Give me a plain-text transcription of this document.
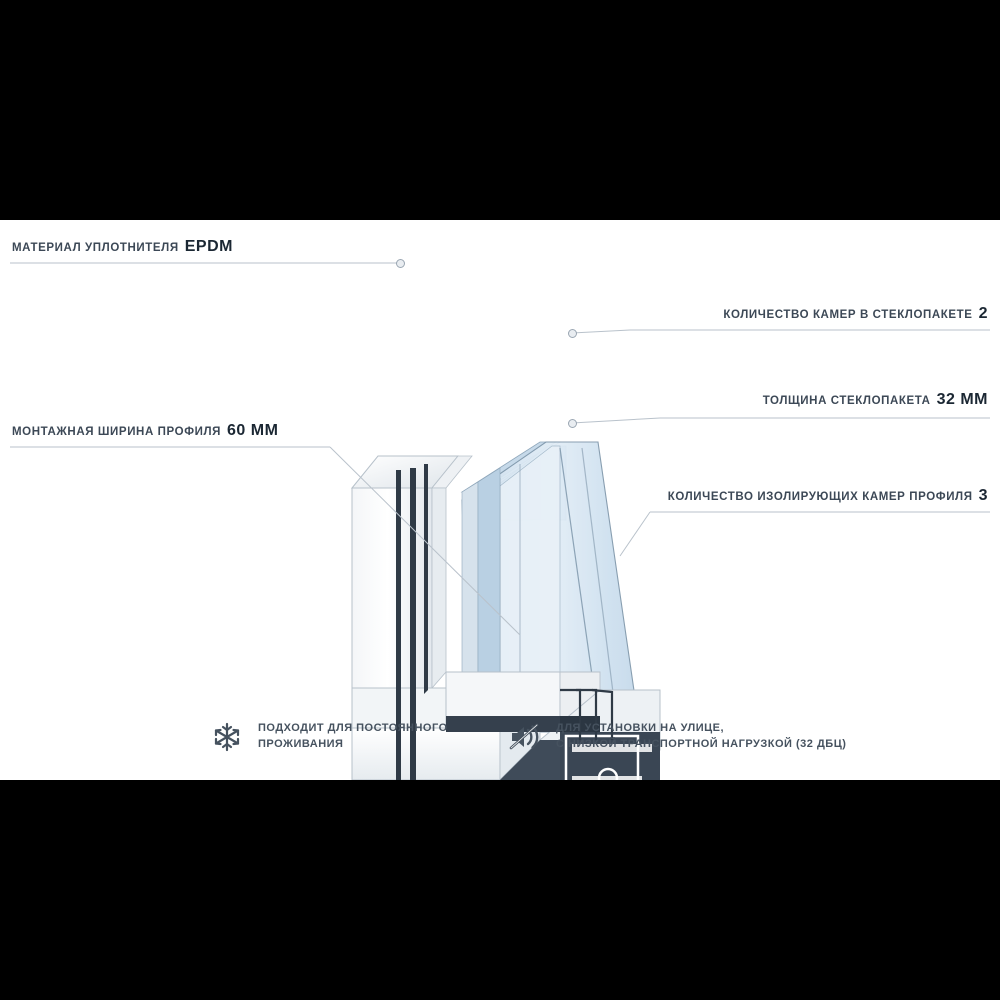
МАТЕРИАЛ УПЛОТНИТЕЛЯ EPDM
МОНТАЖНАЯ ШИРИНА ПРОФИЛЯ 60 ММ
КОЛИЧЕСТВО КАМЕР В СТЕКЛОПАКЕТЕ 2
ТОЛЩИНА СТЕКЛОПАКЕТА 32 ММ
КОЛИЧЕСТВО ИЗОЛИРУЮЩИХ КАМЕР ПРОФИЛЯ 3
ПОДХОДИТ ДЛЯ ПОСТОЯННОГО
ПРОЖИВАНИЯ
ДЛЯ УСТАНОВКИ НА УЛИЦЕ,
С НИЗКОЙ ТРАНСПОРТНОЙ НАГРУЗКОЙ (32 ДБЦ)
